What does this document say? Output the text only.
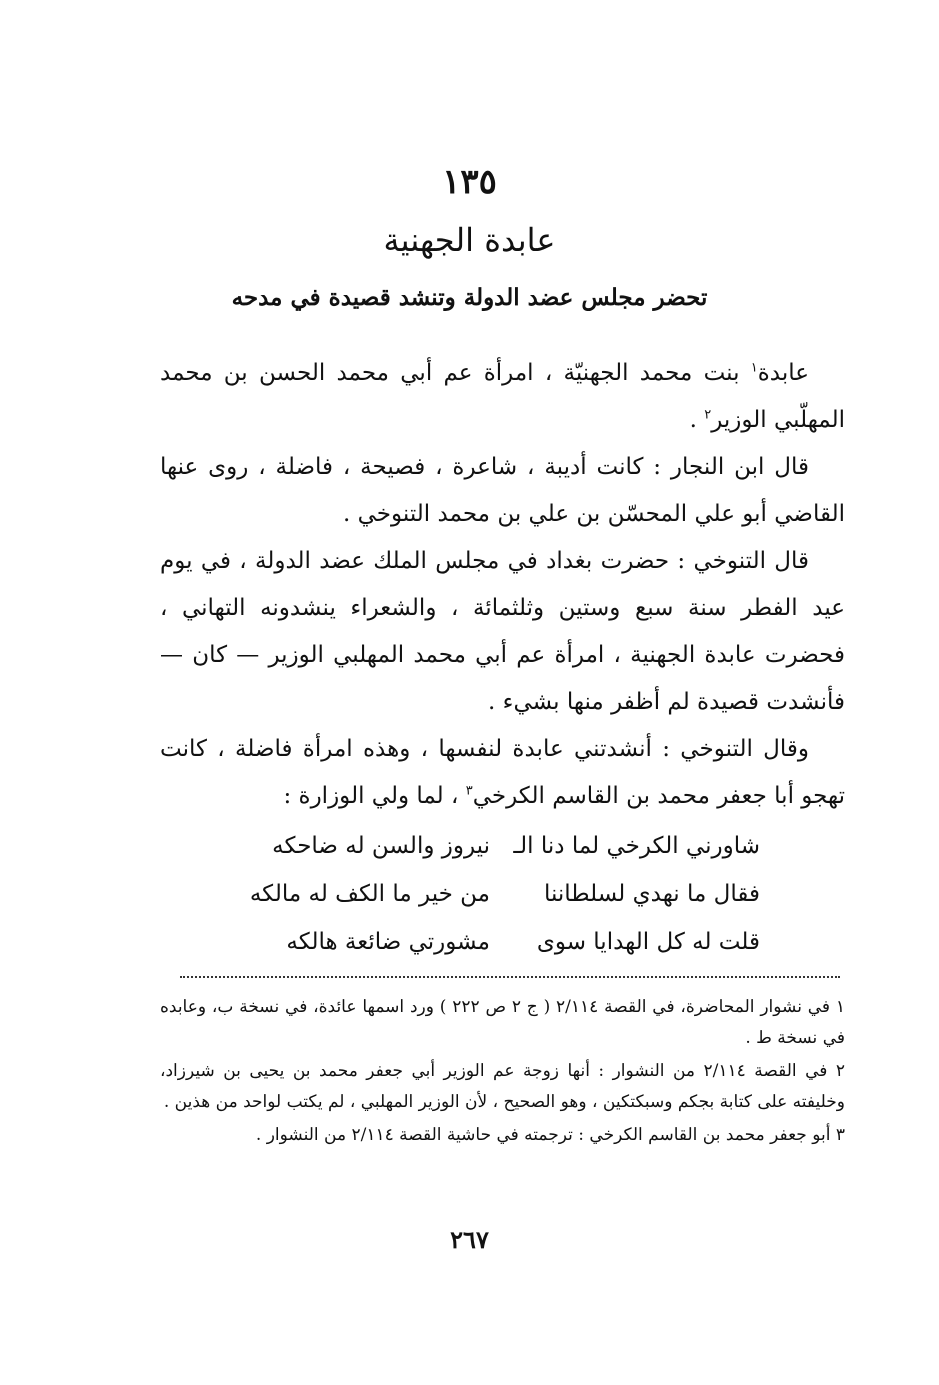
١٣٥
عابدة الجهنية
تحضر مجلس عضد الدولة وتنشد قصيدة في مدحه

عابدة$^١$ بنت محمد الجهنيّة ، امرأة عم أبي محمد الحسن بن محمد المهلّبي الوزير$^٢$ .

قال ابن النجار : كانت أديبة ، شاعرة ، فصيحة ، فاضلة ، روى عنها القاضي أبو علي المحسّن بن علي بن محمد التنوخي .

قال التنوخي : حضرت بغداد في مجلس الملك عضد الدولة ، في يوم عيد الفطر سنة سبع وستين وثلثمائة ، والشعراء ينشدونه التهاني ، فحضرت عابدة الجهنية ، امرأة عم أبي محمد المهلبي الوزير — كان — فأنشدت قصيدة لم أظفر منها بشيء .

وقال التنوخي : أنشدتني عابدة لنفسها ، وهذه امرأة فاضلة ، كانت تهجو أبا جعفر محمد بن القاسم الكرخي$^٣$ ، لما ولي الوزارة :

شاورني الكرخي لما دنا الـ
نيروز والسن له ضاحكه
فقال ما نهدي لسلطاننا
من خير ما الكف له مالكه
قلت له كل الهدايا سوى
مشورتي ضائعة هالكه

١ في نشوار المحاضرة، في القصة ٢/١١٤ ( ج ٢ ص ٢٢٢ ) ورد اسمها عائدة، في نسخة ب، وعابده في نسخة ط .

٢ في القصة ٢/١١٤ من النشوار : أنها زوجة عم الوزير أبي جعفر محمد بن يحيى بن شيرزاد، وخليفته على كتابة بجكم وسبكتكين ، وهو الصحيح ، لأن الوزير المهلبي ، لم يكتب لواحد من هذين .

٣ أبو جعفر محمد بن القاسم الكرخي : ترجمته في حاشية القصة ٢/١١٤ من النشوار .

٢٦٧
